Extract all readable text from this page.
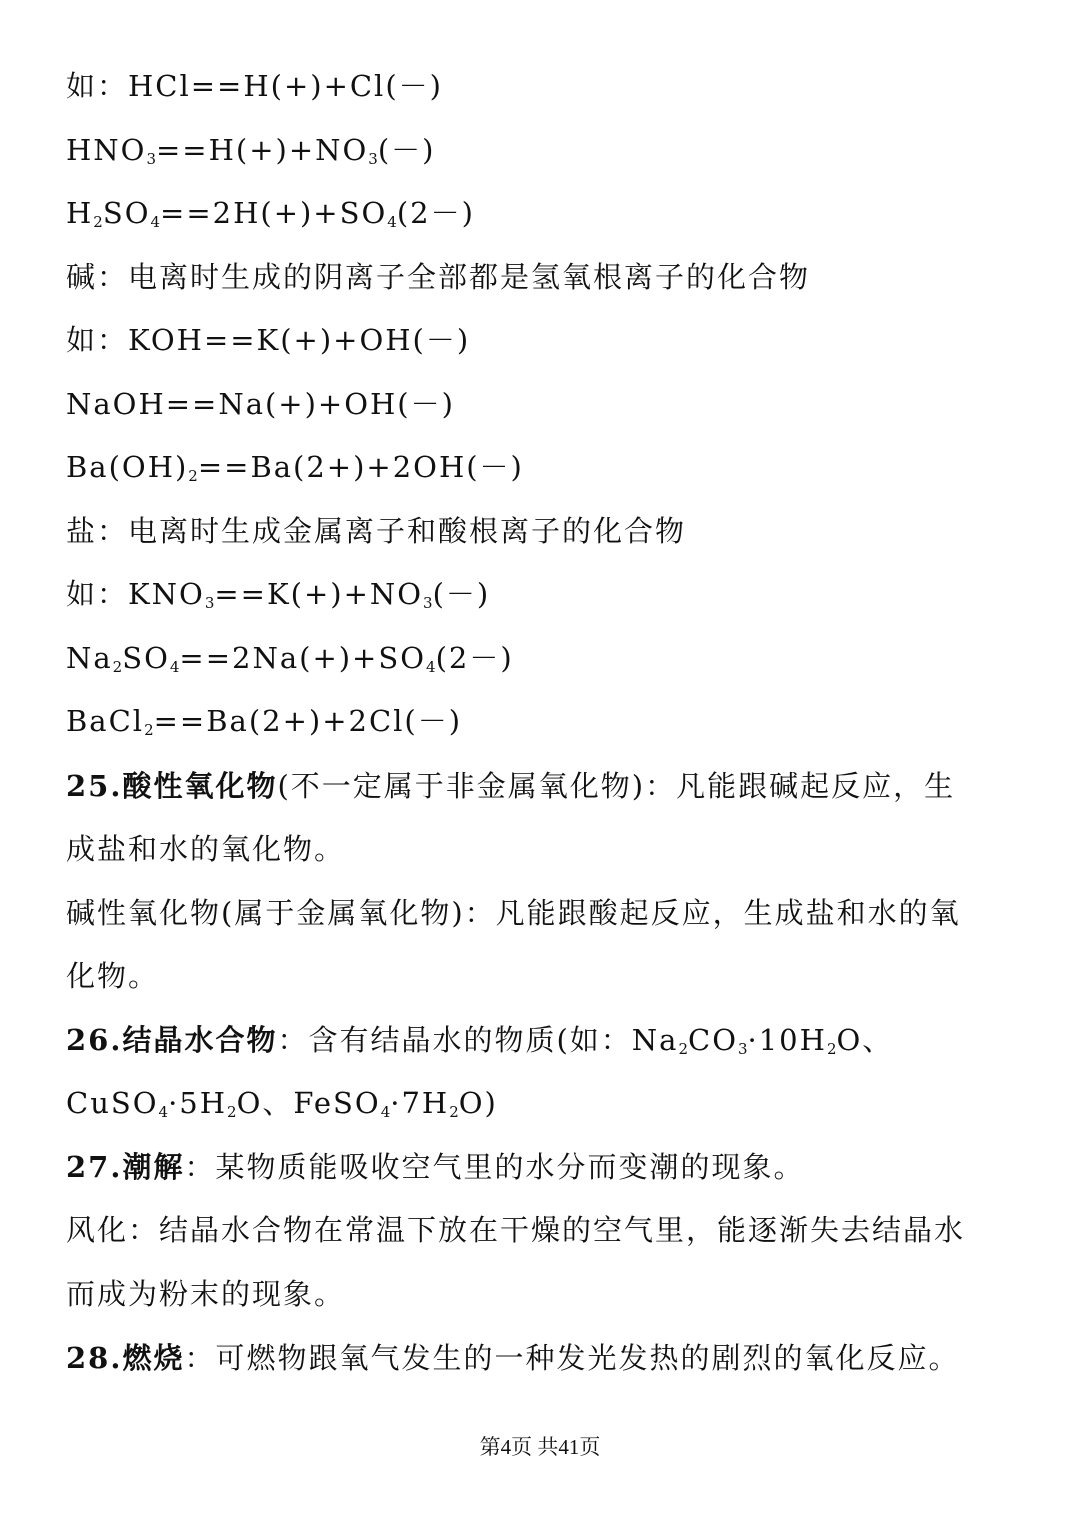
如：HCl==H(+)+Cl(－)
$HNO_3==H(+)+NO_3(-)$
$H_2SO_4==2H(+)+SO_4(2-)$
碱：电离时生成的阴离子全部都是氢氧根离子的化合物
如：KOH==K(+)+OH(－)
NaOH==Na(+)+OH(－)
$Ba(OH)_2==Ba(2+)+2OH(-)$
盐：电离时生成金属离子和酸根离子的化合物
如：$KNO_3==K(+)+NO_3(-)$
$Na_2SO_4==2Na(+)+SO_4(2-)$
BaCl$_2$==Ba(2+)+2Cl(－)
25.酸性氧化物(不一定属于非金属氧化物)：凡能跟碱起反应，生
成盐和水的氧化物。
碱性氧化物(属于金属氧化物)：凡能跟酸起反应，生成盐和水的氧
化物。
26.结晶水合物：含有结晶水的物质(如：$Na_2CO_3\cdot 10H_2O$、
$CuSO_4\cdot 5H_2O$、$FeSO_4\cdot 7H_2O$)
27.潮解：某物质能吸收空气里的水分而变潮的现象。
风化：结晶水合物在常温下放在干燥的空气里，能逐渐失去结晶水
而成为粉末的现象。
28.燃烧：可燃物跟氧气发生的一种发光发热的剧烈的氧化反应。
第4页 共41页
